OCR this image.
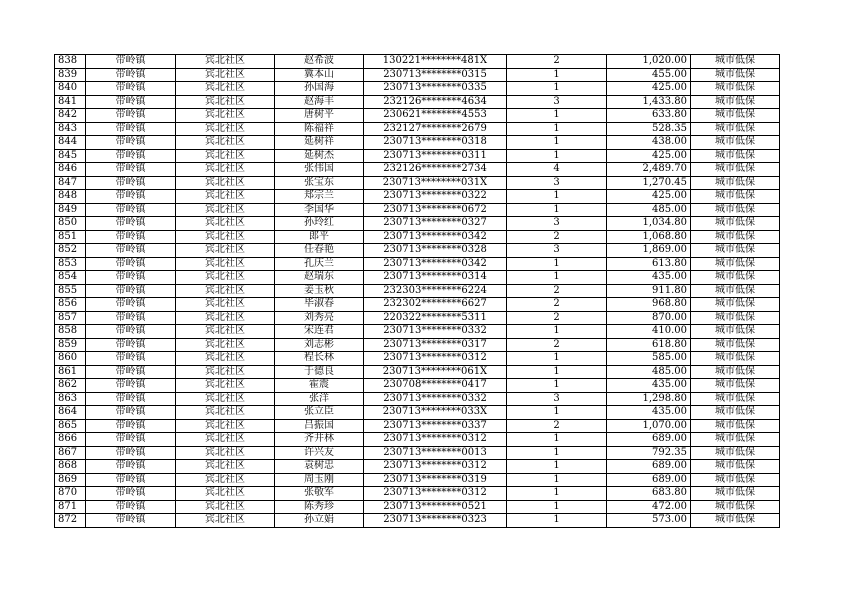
838	带岭镇	宾北社区	赵希波	130221********481X	2	1,020.00	城市低保
839	带岭镇	宾北社区	冀本山	230713********0315	1	455.00	城市低保
840	带岭镇	宾北社区	孙国海	230713********0335	1	425.00	城市低保
841	带岭镇	宾北社区	赵海丰	232126********4634	3	1,433.80	城市低保
842	带岭镇	宾北社区	唐树平	230621********4553	1	633.80	城市低保
843	带岭镇	宾北社区	陈福祥	232127********2679	1	528.35	城市低保
844	带岭镇	宾北社区	延树祥	230713********0318	1	438.00	城市低保
845	带岭镇	宾北社区	延树杰	230713********0311	1	425.00	城市低保
846	带岭镇	宾北社区	张伟国	232126********2734	4	2,489.70	城市低保
847	带岭镇	宾北社区	张宝东	230713********031X	3	1,270.45	城市低保
848	带岭镇	宾北社区	郑宗兰	230713********0322	1	425.00	城市低保
849	带岭镇	宾北社区	李国华	230713********0672	1	485.00	城市低保
850	带岭镇	宾北社区	孙玲红	230713********0327	3	1,034.80	城市低保
851	带岭镇	宾北社区	郎平	230713********0342	2	1,068.80	城市低保
852	带岭镇	宾北社区	任春艳	230713********0328	3	1,869.00	城市低保
853	带岭镇	宾北社区	孔庆兰	230713********0342	1	613.80	城市低保
854	带岭镇	宾北社区	赵瑞东	230713********0314	1	435.00	城市低保
855	带岭镇	宾北社区	姜玉秋	232303********6224	2	911.80	城市低保
856	带岭镇	宾北社区	毕淑春	232302********6627	2	968.80	城市低保
857	带岭镇	宾北社区	刘秀亮	220322********5311	2	870.00	城市低保
858	带岭镇	宾北社区	宋连君	230713********0332	1	410.00	城市低保
859	带岭镇	宾北社区	刘志彬	230713********0317	2	618.80	城市低保
860	带岭镇	宾北社区	程长林	230713********0312	1	585.00	城市低保
861	带岭镇	宾北社区	于德良	230713********061X	1	485.00	城市低保
862	带岭镇	宾北社区	霍震	230708********0417	1	435.00	城市低保
863	带岭镇	宾北社区	张洋	230713********0332	3	1,298.80	城市低保
864	带岭镇	宾北社区	张立臣	230713********033X	1	435.00	城市低保
865	带岭镇	宾北社区	吕振国	230713********0337	2	1,070.00	城市低保
866	带岭镇	宾北社区	齐井林	230713********0312	1	689.00	城市低保
867	带岭镇	宾北社区	许兴友	230713********0013	1	792.35	城市低保
868	带岭镇	宾北社区	袁树忠	230713********0312	1	689.00	城市低保
869	带岭镇	宾北社区	周玉刚	230713********0319	1	689.00	城市低保
870	带岭镇	宾北社区	张敬军	230713********0312	1	683.80	城市低保
871	带岭镇	宾北社区	陈秀珍	230713********0521	1	472.00	城市低保
872	带岭镇	宾北社区	孙立娟	230713********0323	1	573.00	城市低保
